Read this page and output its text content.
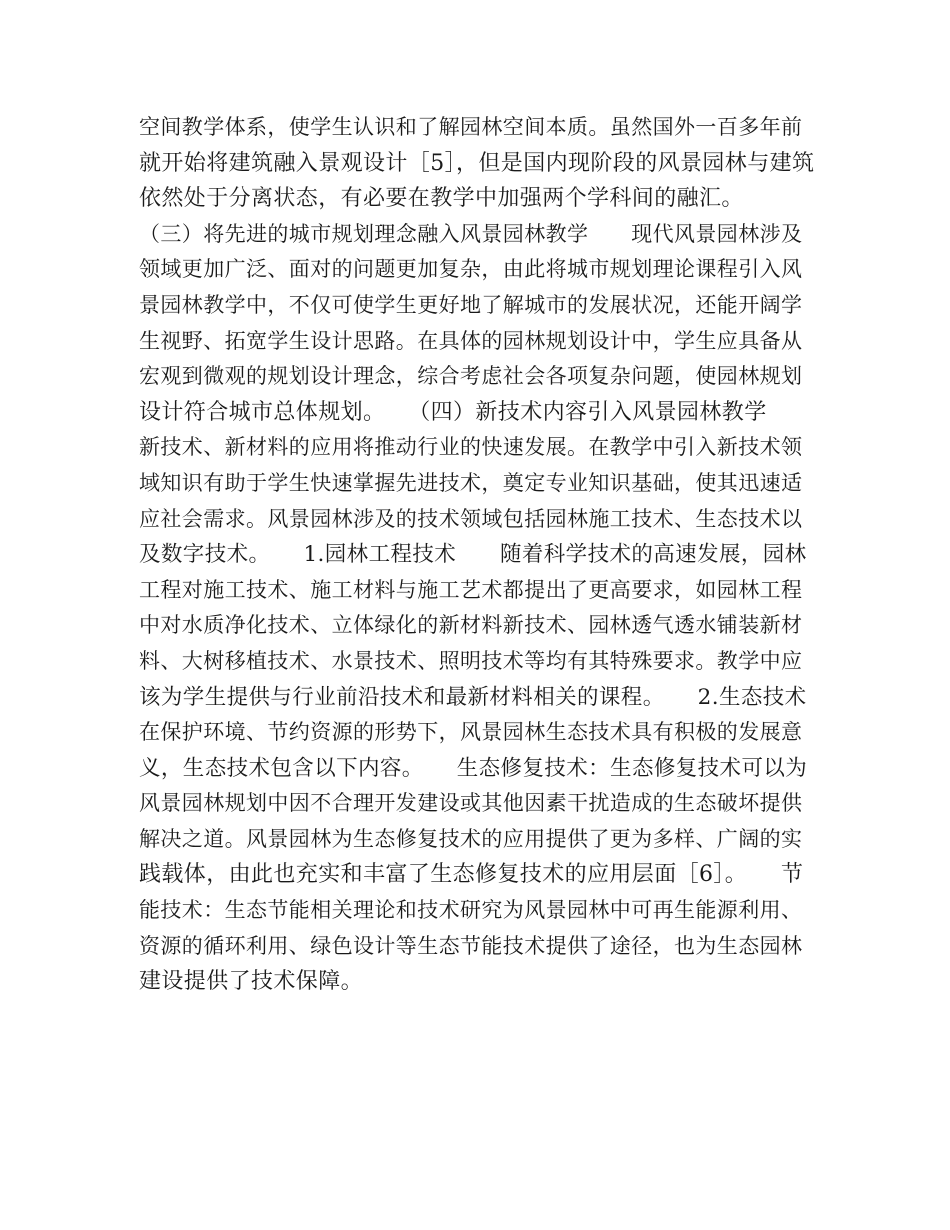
空间教学体系，使学生认识和了解园林空间本质。虽然国外一百多年前
就开始将建筑融入景观设计［5］，但是国内现阶段的风景园林与建筑
依然处于分离状态，有必要在教学中加强两个学科间的融汇。
（三）将先进的城市规划理念融入风景园林教学　　现代风景园林涉及
领域更加广泛、面对的问题更加复杂，由此将城市规划理论课程引入风
景园林教学中，不仅可使学生更好地了解城市的发展状况，还能开阔学
生视野、拓宽学生设计思路。在具体的园林规划设计中，学生应具备从
宏观到微观的规划设计理念，综合考虑社会各项复杂问题，使园林规划
设计符合城市总体规划。　　（四）新技术内容引入风景园林教学
新技术、新材料的应用将推动行业的快速发展。在教学中引入新技术领
域知识有助于学生快速掌握先进技术，奠定专业知识基础，使其迅速适
应社会需求。风景园林涉及的技术领域包括园林施工技术、生态技术以
及数字技术。　　1.园林工程技术　　随着科学技术的高速发展，园林
工程对施工技术、施工材料与施工艺术都提出了更高要求，如园林工程
中对水质净化技术、立体绿化的新材料新技术、园林透气透水铺装新材
料、大树移植技术、水景技术、照明技术等均有其特殊要求。教学中应
该为学生提供与行业前沿技术和最新材料相关的课程。　　2.生态技术
在保护环境、节约资源的形势下，风景园林生态技术具有积极的发展意
义，生态技术包含以下内容。　　生态修复技术：生态修复技术可以为
风景园林规划中因不合理开发建设或其他因素干扰造成的生态破坏提供
解决之道。风景园林为生态修复技术的应用提供了更为多样、广阔的实
践载体，由此也充实和丰富了生态修复技术的应用层面［6］。　　节
能技术：生态节能相关理论和技术研究为风景园林中可再生能源利用、
资源的循环利用、绿色设计等生态节能技术提供了途径，也为生态园林
建设提供了技术保障。
